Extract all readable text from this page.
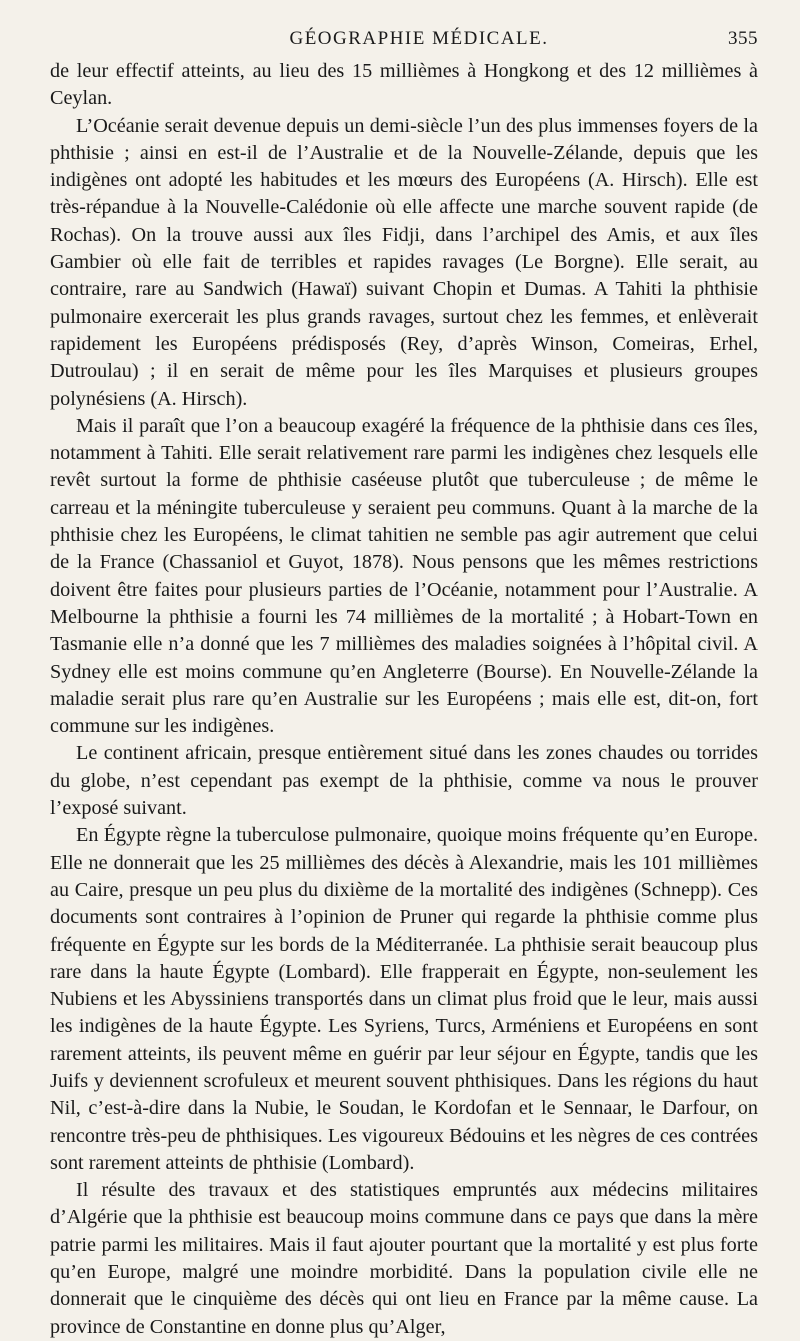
GÉOGRAPHIE MÉDICALE.	355

de leur effectif atteints, au lieu des 15 millièmes à Hongkong et des 12 millièmes à Ceylan.

L’Océanie serait devenue depuis un demi-siècle l’un des plus immenses foyers de la phthisie ; ainsi en est-il de l’Australie et de la Nouvelle-Zélande, depuis que les indigènes ont adopté les habitudes et les mœurs des Européens (A. Hirsch). Elle est très-répandue à la Nouvelle-Calédonie où elle affecte une marche souvent rapide (de Rochas). On la trouve aussi aux îles Fidji, dans l’archipel des Amis, et aux îles Gambier où elle fait de terribles et rapides ravages (Le Borgne). Elle serait, au contraire, rare au Sandwich (Hawaï) suivant Chopin et Dumas. A Tahiti la phthisie pulmonaire exercerait les plus grands ravages, surtout chez les femmes, et enlèverait rapidement les Européens prédisposés (Rey, d’après Winson, Comeiras, Erhel, Dutroulau) ; il en serait de même pour les îles Marquises et plusieurs groupes polynésiens (A. Hirsch).

Mais il paraît que l’on a beaucoup exagéré la fréquence de la phthisie dans ces îles, notamment à Tahiti. Elle serait relativement rare parmi les indigènes chez lesquels elle revêt surtout la forme de phthisie caséeuse plutôt que tuberculeuse ; de même le carreau et la méningite tuberculeuse y seraient peu communs. Quant à la marche de la phthisie chez les Européens, le climat tahitien ne semble pas agir autrement que celui de la France (Chassaniol et Guyot, 1878). Nous pensons que les mêmes restrictions doivent être faites pour plusieurs parties de l’Océanie, notamment pour l’Australie. A Melbourne la phthisie a fourni les 74 millièmes de la mortalité ; à Hobart-Town en Tasmanie elle n’a donné que les 7 millièmes des maladies soignées à l’hôpital civil. A Sydney elle est moins commune qu’en Angleterre (Bourse). En Nouvelle-Zélande la maladie serait plus rare qu’en Australie sur les Européens ; mais elle est, dit-on, fort commune sur les indigènes.

Le continent africain, presque entièrement situé dans les zones chaudes ou torrides du globe, n’est cependant pas exempt de la phthisie, comme va nous le prouver l’exposé suivant.

En Égypte règne la tuberculose pulmonaire, quoique moins fréquente qu’en Europe. Elle ne donnerait que les 25 millièmes des décès à Alexandrie, mais les 101 millièmes au Caire, presque un peu plus du dixième de la mortalité des indigènes (Schnepp). Ces documents sont contraires à l’opinion de Pruner qui regarde la phthisie comme plus fréquente en Égypte sur les bords de la Méditerranée. La phthisie serait beaucoup plus rare dans la haute Égypte (Lombard). Elle frapperait en Égypte, non-seulement les Nubiens et les Abyssiniens transportés dans un climat plus froid que le leur, mais aussi les indigènes de la haute Égypte. Les Syriens, Turcs, Arméniens et Européens en sont rarement atteints, ils peuvent même en guérir par leur séjour en Égypte, tandis que les Juifs y deviennent scrofuleux et meurent souvent phthisiques. Dans les régions du haut Nil, c’est-à-dire dans la Nubie, le Soudan, le Kordofan et le Sennaar, le Darfour, on rencontre très-peu de phthisiques. Les vigoureux Bédouins et les nègres de ces contrées sont rarement atteints de phthisie (Lombard).

Il résulte des travaux et des statistiques empruntés aux médecins militaires d’Algérie que la phthisie est beaucoup moins commune dans ce pays que dans la mère patrie parmi les militaires. Mais il faut ajouter pourtant que la mortalité y est plus forte qu’en Europe, malgré une moindre morbidité. Dans la population civile elle ne donnerait que le cinquième des décès qui ont lieu en France par la même cause. La province de Constantine en donne plus qu’Alger,
